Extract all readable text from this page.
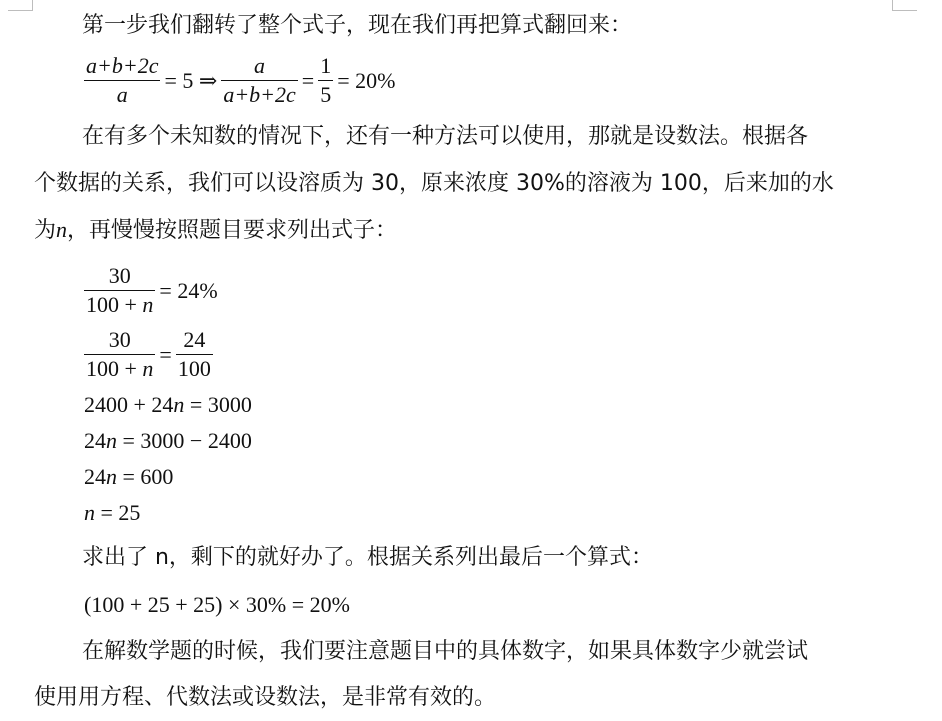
第一步我们翻转了整个式子，现在我们再把算式翻回来：
$\frac{a+b+2c}{a} = 5$ ⇒ $\frac{a}{a+b+2c} = \frac{1}{5} = 20\%$
在有多个未知数的情况下，还有一种方法可以使用，那就是设数法。根据各
个数据的关系，我们可以设溶质为 30，原来浓度 30%的溶液为 100，后来加的水
为n，再慢慢按照题目要求列出式子：
$\frac{30}{100 + n} = 24\%$
$\frac{30}{100 + n} = \frac{24}{100}$
2400 + 24n = 3000
24n = 3000 − 2400
24n = 600
n = 25
求出了 n，剩下的就好办了。根据关系列出最后一个算式：
(100 + 25 + 25) × 30% = 20%
在解数学题的时候，我们要注意题目中的具体数字，如果具体数字少就尝试
使用用方程、代数法或设数法，是非常有效的。
